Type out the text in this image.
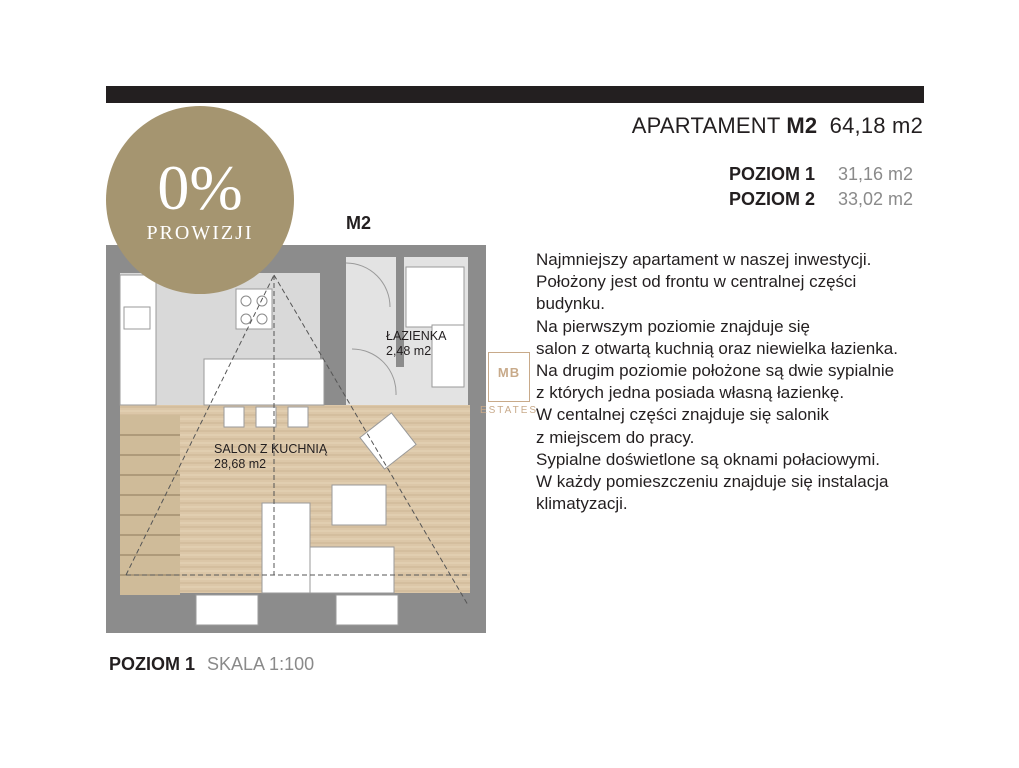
APARTAMENT M2 64,18 m2
POZIOM 1 31,16 m2
POZIOM 2 33,02 m2
0%
PROWIZJI	M2
ŁAZIENKA
2,48 m2
SALON Z KUCHNIĄ
28,68 m2
MB
ESTATES
Najmniejszy apartament w naszej inwestycji.
Położony jest od frontu w centralnej części
budynku.
Na pierwszym poziomie znajduje się
salon z otwartą kuchnią oraz niewielka łazienka.
Na drugim poziomie położone są dwie sypialnie
z których jedna posiada własną łazienkę.
W centalnej części znajduje się salonik
z miejscem do pracy.
Sypialne doświetlone są oknami połaciowymi.
W każdy pomieszczeniu znajduje się instalacja
klimatyzacji.
POZIOM 1 SKALA 1:100
